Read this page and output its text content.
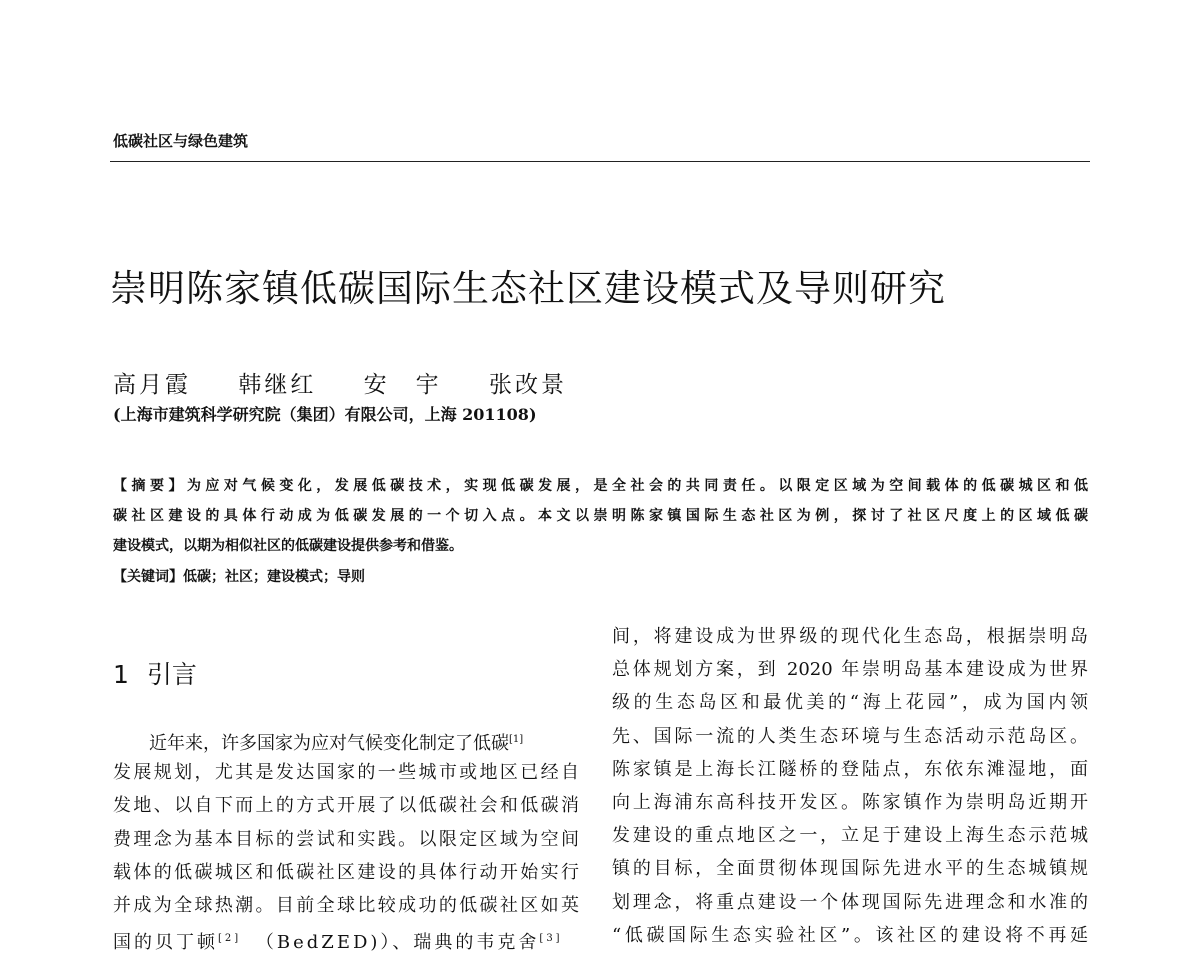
低碳社区与绿色建筑
崇明陈家镇低碳国际生态社区建设模式及导则研究
高月霞 韩继红 安　宇 张改景
(上海市建筑科学研究院（集团）有限公司，上海 201108)
【摘要】为应对气候变化，发展低碳技术，实现低碳发展，是全社会的共同责任。以限定区域为空间载体的低碳城区和低
碳社区建设的具体行动成为低碳发展的一个切入点。本文以崇明陈家镇国际生态社区为例，探讨了社区尺度上的区域低碳
建设模式，以期为相似社区的低碳建设提供参考和借鉴。
【关键词】低碳；社区；建设模式；导则
1 引言
近年来，许多国家为应对气候变化制定了低碳[1]
发展规划，尤其是发达国家的一些城市或地区已经自
发地、以自下而上的方式开展了以低碳社会和低碳消
费理念为基本目标的尝试和实践。以限定区域为空间
载体的低碳城区和低碳社区建设的具体行动开始实行
并成为全球热潮。目前全球比较成功的低碳社区如英
国的贝丁顿[2] （BedZED)）、瑞典的韦克舍[3]
间，将建设成为世界级的现代化生态岛，根据崇明岛
总体规划方案，到 2020 年崇明岛基本建设成为世界
级的生态岛区和最优美的“海上花园”，成为国内领
先、国际一流的人类生态环境与生态活动示范岛区。
陈家镇是上海长江隧桥的登陆点，东依东滩湿地，面
向上海浦东高科技开发区。陈家镇作为崇明岛近期开
发建设的重点地区之一，立足于建设上海生态示范城
镇的目标，全面贯彻体现国际先进水平的生态城镇规
划理念，将重点建设一个体现国际先进理念和水准的
“低碳国际生态实验社区”。该社区的建设将不再延
